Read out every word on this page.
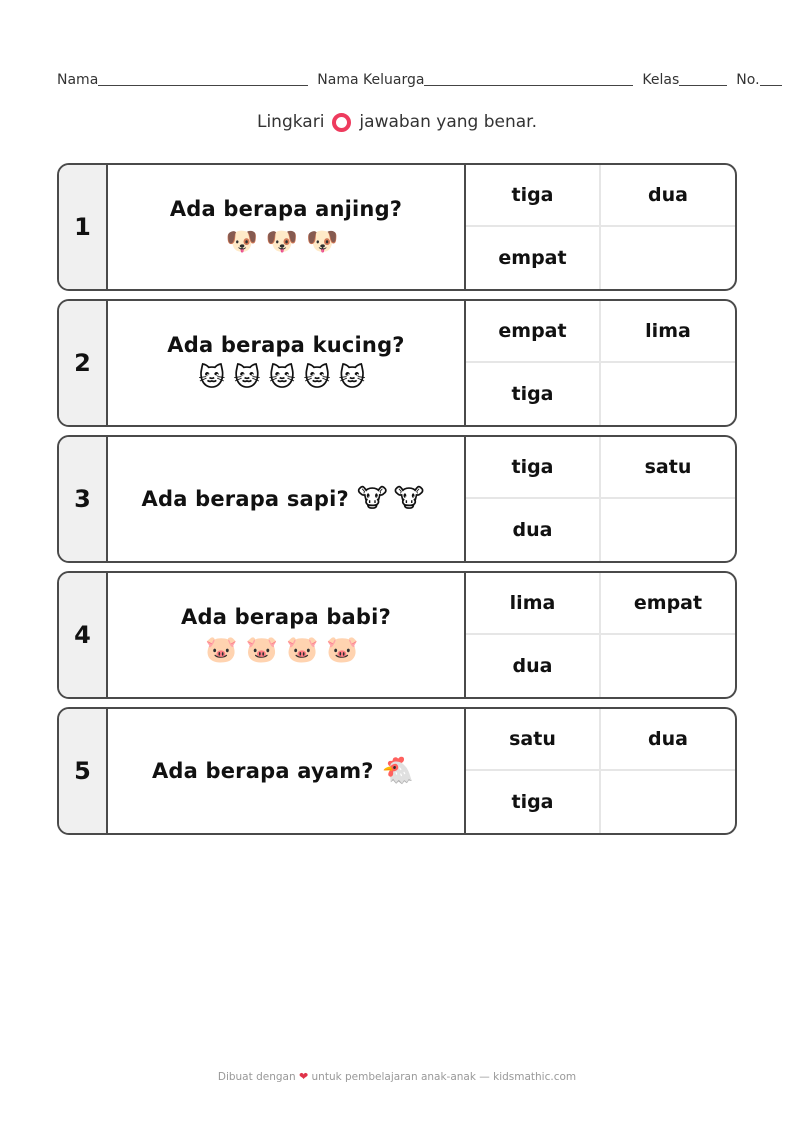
Nama	Nama Keluarga	Kelas	No.
Lingkari jawaban yang benar.
1
Ada berapa anjing?
🐶🐶🐶
tiga	dua
empat
2
Ada berapa kucing?
🐱🐱🐱🐱🐱
empat	lima
tiga
3	Ada berapa sapi? 🐮🐮
tiga	satu
dua
4
Ada berapa babi?
🐷🐷🐷🐷
lima	empat
dua
5	Ada berapa ayam? 🐔
satu	dua
tiga
Dibuat dengan ❤ untuk pembelajaran anak-anak — kidsmathic.com
